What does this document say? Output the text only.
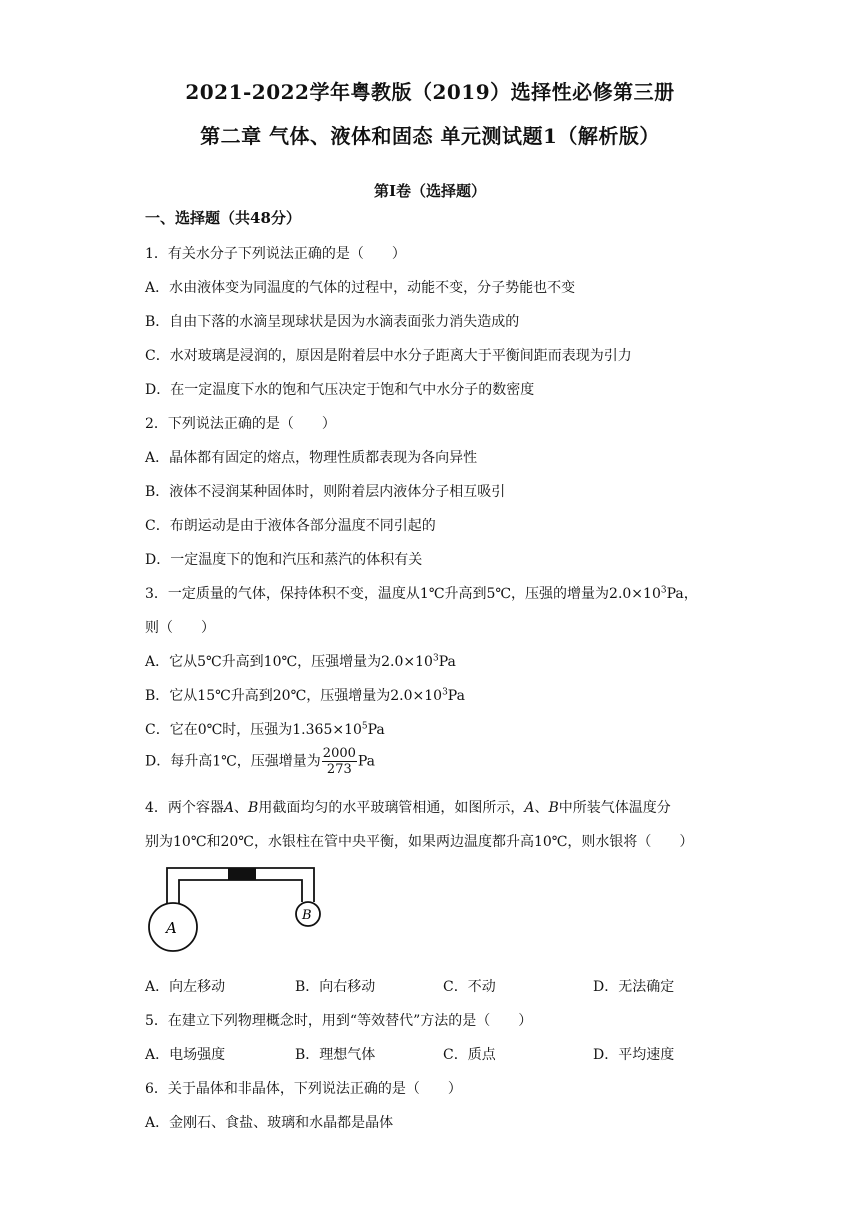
2021-2022学年粤教版（2019）选择性必修第三册
第二章 气体、液体和固态 单元测试题1（解析版）
第Ⅰ卷（选择题）
一、选择题（共48分）
1．有关水分子下列说法正确的是（　　）
A．水由液体变为同温度的气体的过程中，动能不变，分子势能也不变
B．自由下落的水滴呈现球状是因为水滴表面张力消失造成的
C．水对玻璃是浸润的，原因是附着层中水分子距离大于平衡间距而表现为引力
D．在一定温度下水的饱和气压决定于饱和气中水分子的数密度
2．下列说法正确的是（　　）
A．晶体都有固定的熔点，物理性质都表现为各向异性
B．液体不浸润某种固体时，则附着层内液体分子相互吸引
C．布朗运动是由于液体各部分温度不同引起的
D．一定温度下的饱和汽压和蒸汽的体积有关
3．一定质量的气体，保持体积不变，温度从1℃升高到5℃，压强的增量为$2.0\times 10^3Pa$，
则（　　）
A．它从5℃升高到10℃，压强增量为$2.0\times 10^3Pa$
B．它从15℃升高到20℃，压强增量为$2.0\times 10^3Pa$
C．它在0℃时，压强为$1.365\times 10^5Pa$
D．每升高1℃，压强增量为 $\frac{2000}{273}$ Pa
4．两个容器A、B用截面均匀的水平玻璃管相通，如图所示，A、B中所装气体温度分
别为10℃和20℃，水银柱在管中央平衡，如果两边温度都升高10℃，则水银将（　　）
A
B
A．向左移动	B．向右移动	C．不动	D．无法确定
5．在建立下列物理概念时，用到“等效替代”方法的是（　　）
A．电场强度	B．理想气体	C．质点	D．平均速度
6．关于晶体和非晶体，下列说法正确的是（　　）
A．金刚石、食盐、玻璃和水晶都是晶体
